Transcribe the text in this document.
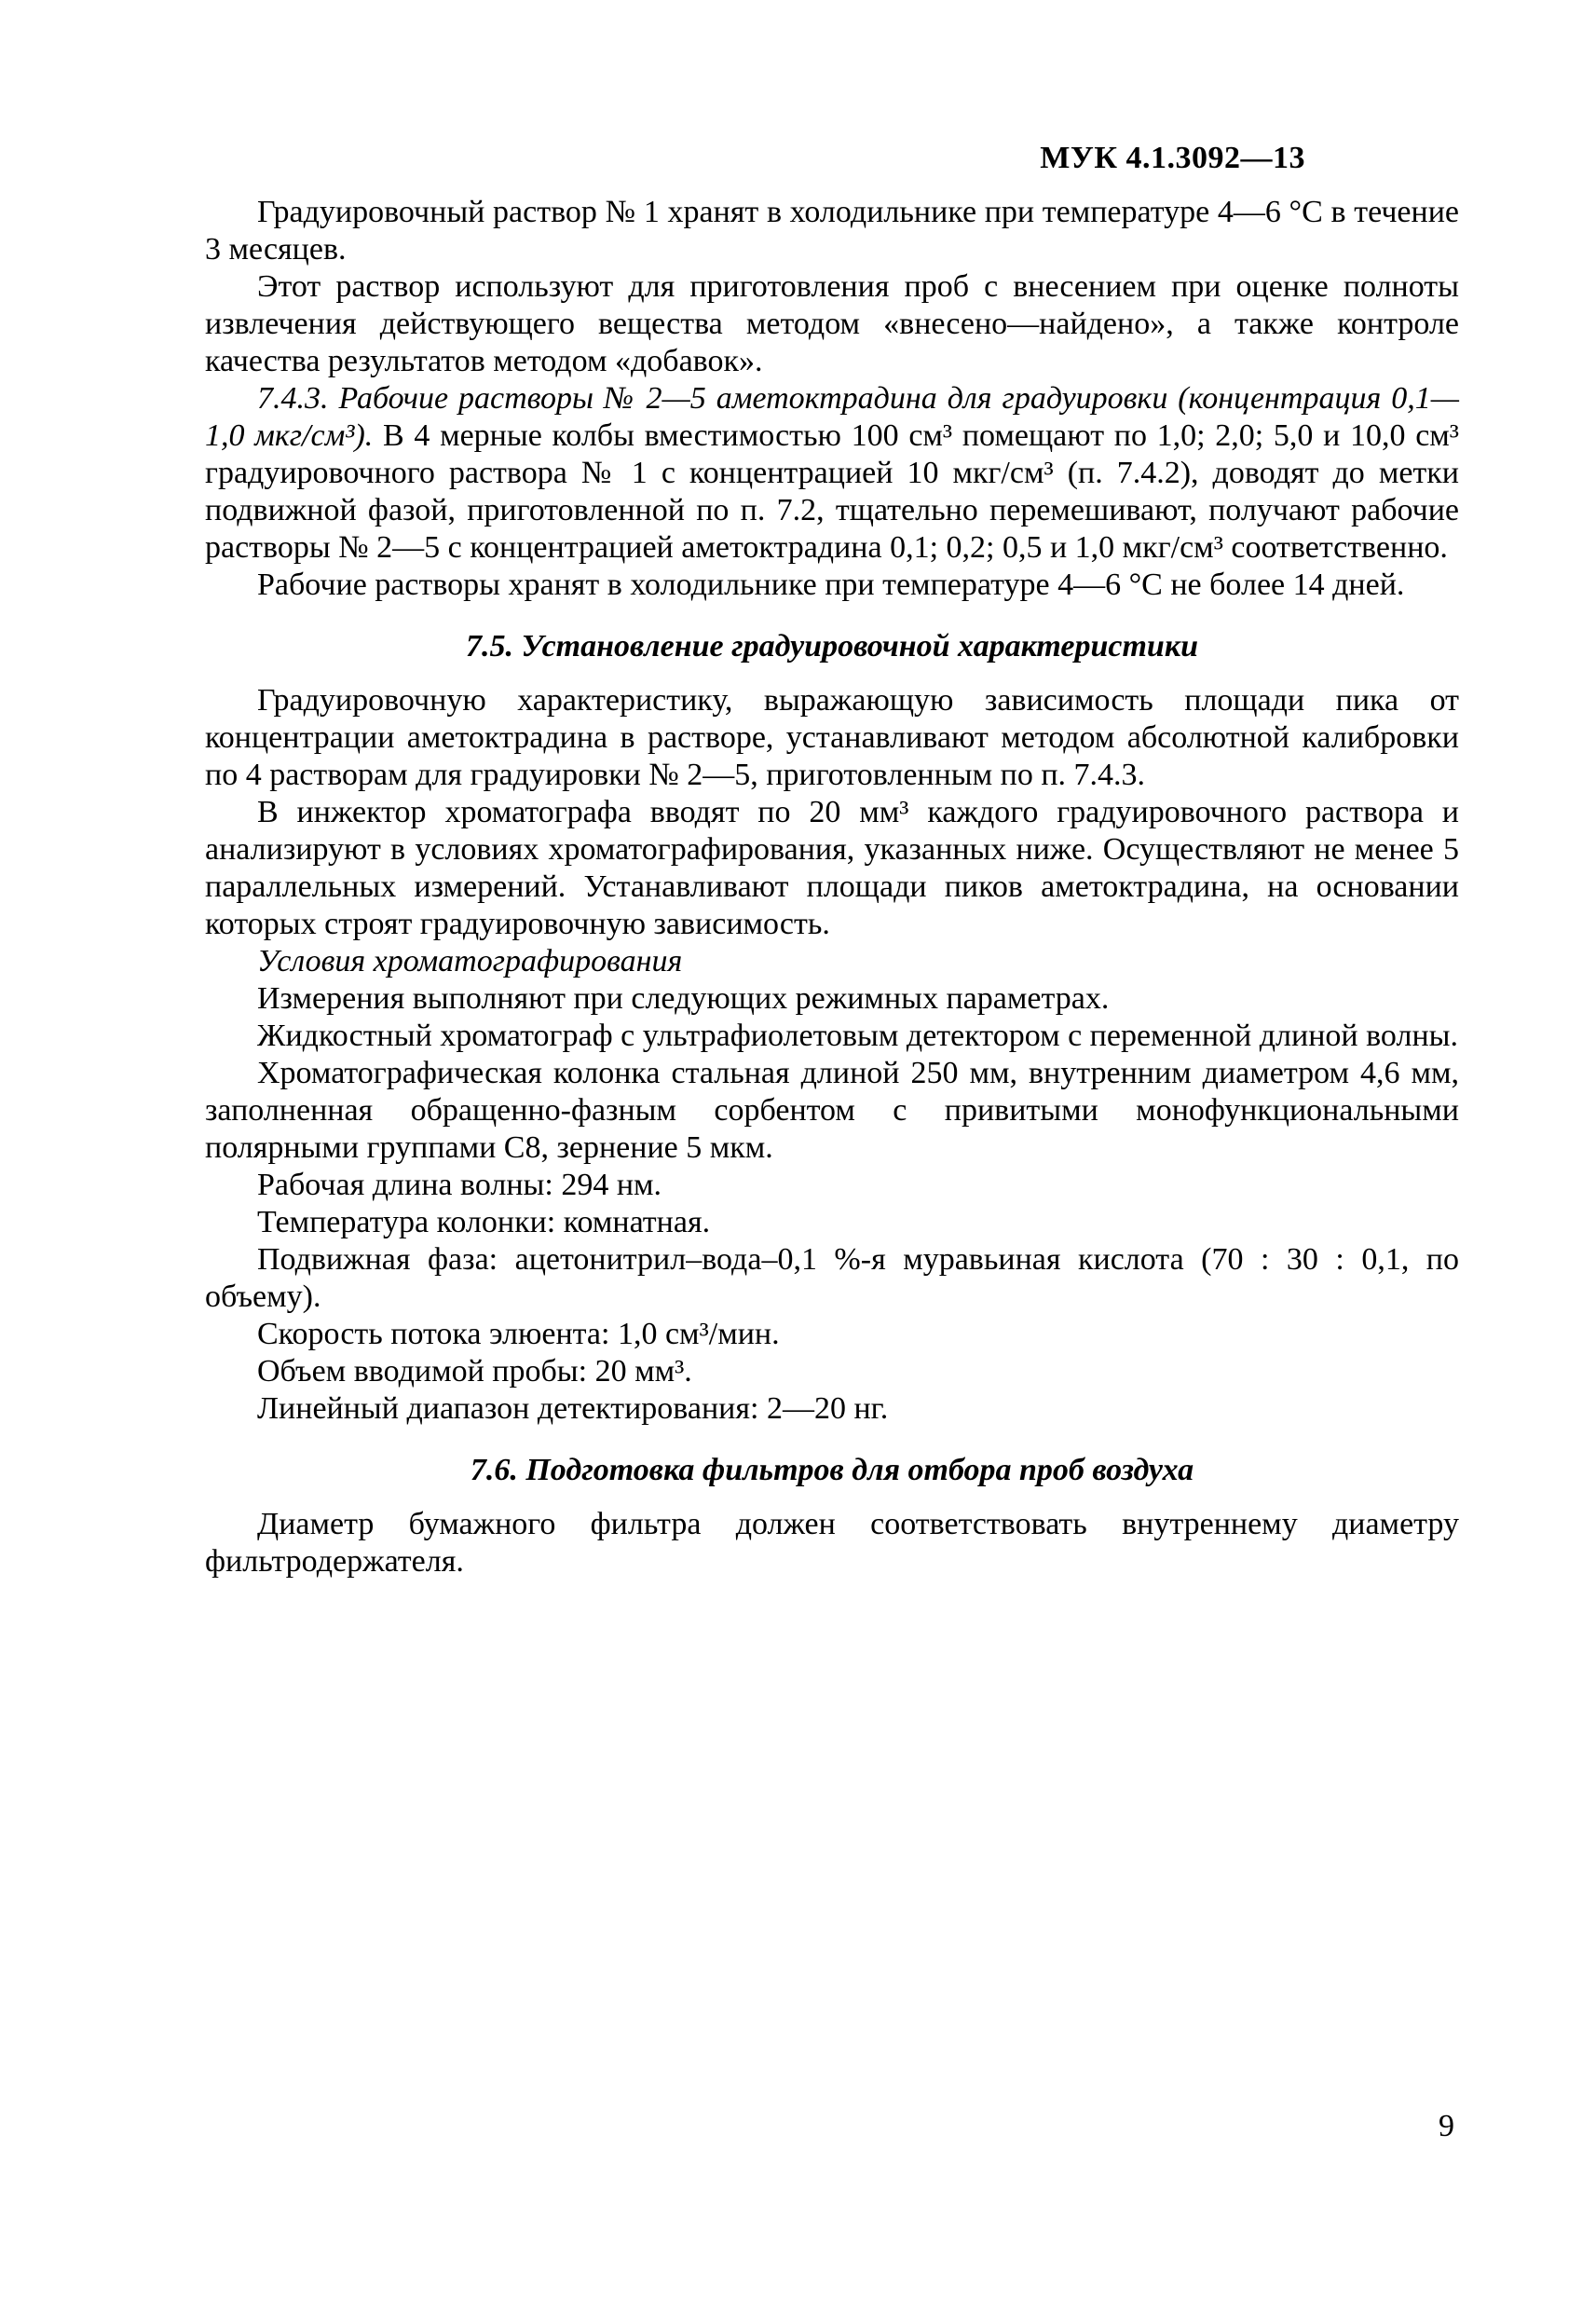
МУК 4.1.3092—13

Градуировочный раствор № 1 хранят в холодильнике при температуре 4—6 °С в течение 3 месяцев.

Этот раствор используют для приготовления проб с внесением при оценке полноты извлечения действующего вещества методом «внесено—найдено», а также контроле качества результатов методом «добавок».

7.4.3. Рабочие растворы № 2—5 аметоктрадина для градуировки (концентрация 0,1—1,0 мкг/см³). В 4 мерные колбы вместимостью 100 см³ помещают по 1,0; 2,0; 5,0 и 10,0 см³ градуировочного раствора № 1 с концентрацией 10 мкг/см³ (п. 7.4.2), доводят до метки подвижной фазой, приготовленной по п. 7.2, тщательно перемешивают, получают рабочие растворы № 2—5 с концентрацией аметоктрадина 0,1; 0,2; 0,5 и 1,0 мкг/см³ соответственно.

Рабочие растворы хранят в холодильнике при температуре 4—6 °С не более 14 дней.

7.5. Установление градуировочной характеристики

Градуировочную характеристику, выражающую зависимость площади пика от концентрации аметоктрадина в растворе, устанавливают методом абсолютной калибровки по 4 растворам для градуировки № 2—5, приготовленным по п. 7.4.3.

В инжектор хроматографа вводят по 20 мм³ каждого градуировочного раствора и анализируют в условиях хроматографирования, указанных ниже. Осуществляют не менее 5 параллельных измерений. Устанавливают площади пиков аметоктрадина, на основании которых строят градуировочную зависимость.

Условия хроматографирования

Измерения выполняют при следующих режимных параметрах.

Жидкостный хроматограф с ультрафиолетовым детектором с переменной длиной волны.

Хроматографическая колонка стальная длиной 250 мм, внутренним диаметром 4,6 мм, заполненная обращенно-фазным сорбентом с привитыми монофункциональными полярными группами С8, зернение 5 мкм.

Рабочая длина волны: 294 нм.

Температура колонки: комнатная.

Подвижная фаза: ацетонитрил–вода–0,1 %-я муравьиная кислота (70 : 30 : 0,1, по объему).

Скорость потока элюента: 1,0 см³/мин.

Объем вводимой пробы: 20 мм³.

Линейный диапазон детектирования: 2—20 нг.

7.6. Подготовка фильтров для отбора проб воздуха

Диаметр бумажного фильтра должен соответствовать внутреннему диаметру фильтродержателя.

9
